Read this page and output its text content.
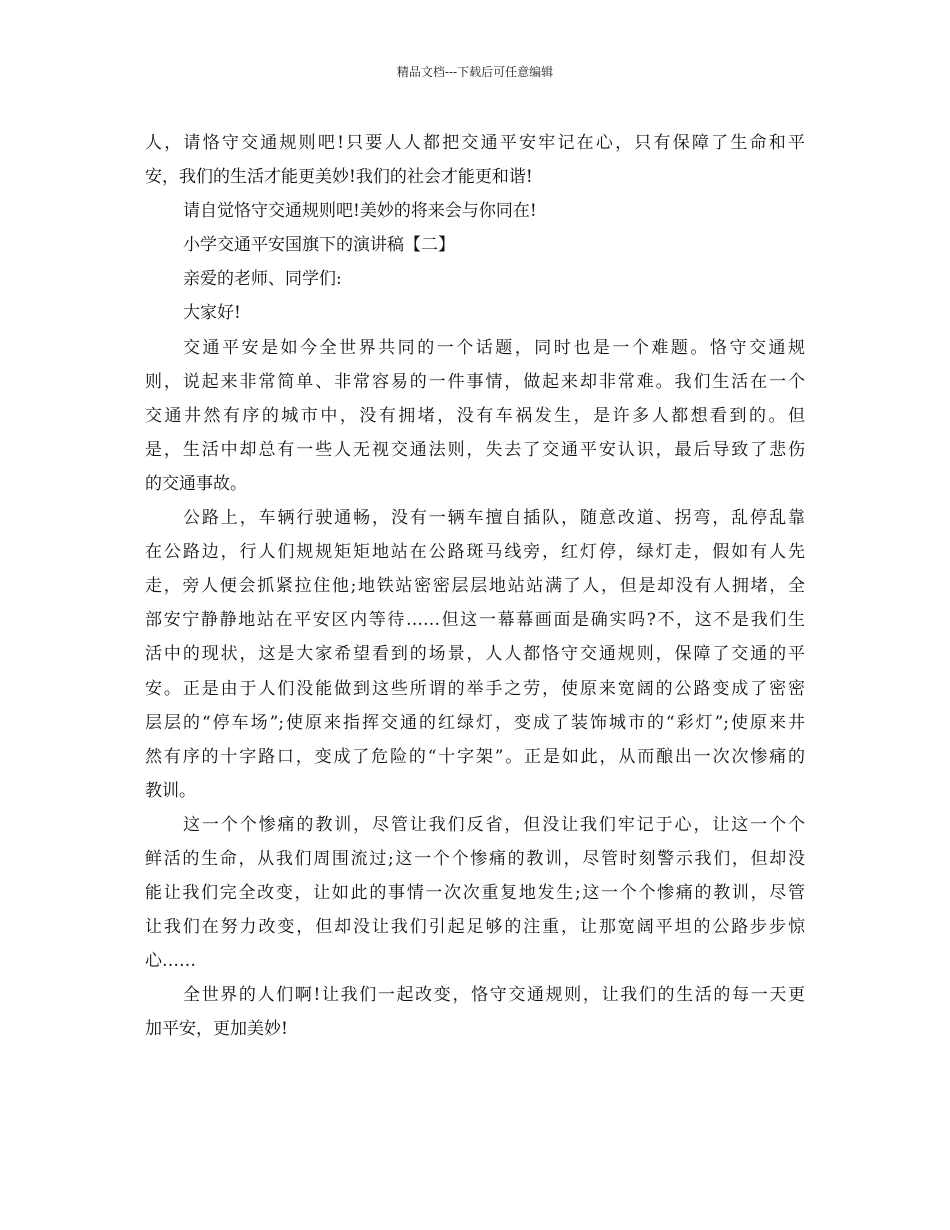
精品文档---下载后可任意编辑
人，请恪守交通规则吧!只要人人都把交通平安牢记在心，只有保障了生命和平
安，我们的生活才能更美妙!我们的社会才能更和谐!
请自觉恪守交通规则吧!美妙的将来会与你同在!
小学交通平安国旗下的演讲稿【二】
亲爱的老师、同学们:
大家好!
交通平安是如今全世界共同的一个话题，同时也是一个难题。恪守交通规
则，说起来非常简单、非常容易的一件事情，做起来却非常难。我们生活在一个
交通井然有序的城市中，没有拥堵，没有车祸发生，是许多人都想看到的。但
是，生活中却总有一些人无视交通法则，失去了交通平安认识，最后导致了悲伤
的交通事故。
公路上，车辆行驶通畅，没有一辆车擅自插队，随意改道、拐弯，乱停乱靠
在公路边，行人们规规矩矩地站在公路斑马线旁，红灯停，绿灯走，假如有人先
走，旁人便会抓紧拉住他;地铁站密密层层地站站满了人，但是却没有人拥堵，全
部安宁静静地站在平安区内等待……但这一幕幕画面是确实吗?不，这不是我们生
活中的现状，这是大家希望看到的场景，人人都恪守交通规则，保障了交通的平
安。正是由于人们没能做到这些所谓的举手之劳，使原来宽阔的公路变成了密密
层层的“停车场”;使原来指挥交通的红绿灯，变成了装饰城市的“彩灯”;使原来井
然有序的十字路口，变成了危险的“十字架”。正是如此，从而酿出一次次惨痛的
教训。
这一个个惨痛的教训，尽管让我们反省，但没让我们牢记于心，让这一个个
鲜活的生命，从我们周围流过;这一个个惨痛的教训，尽管时刻警示我们，但却没
能让我们完全改变，让如此的事情一次次重复地发生;这一个个惨痛的教训，尽管
让我们在努力改变，但却没让我们引起足够的注重，让那宽阔平坦的公路步步惊
心……
全世界的人们啊!让我们一起改变，恪守交通规则，让我们的生活的每一天更
加平安，更加美妙!
